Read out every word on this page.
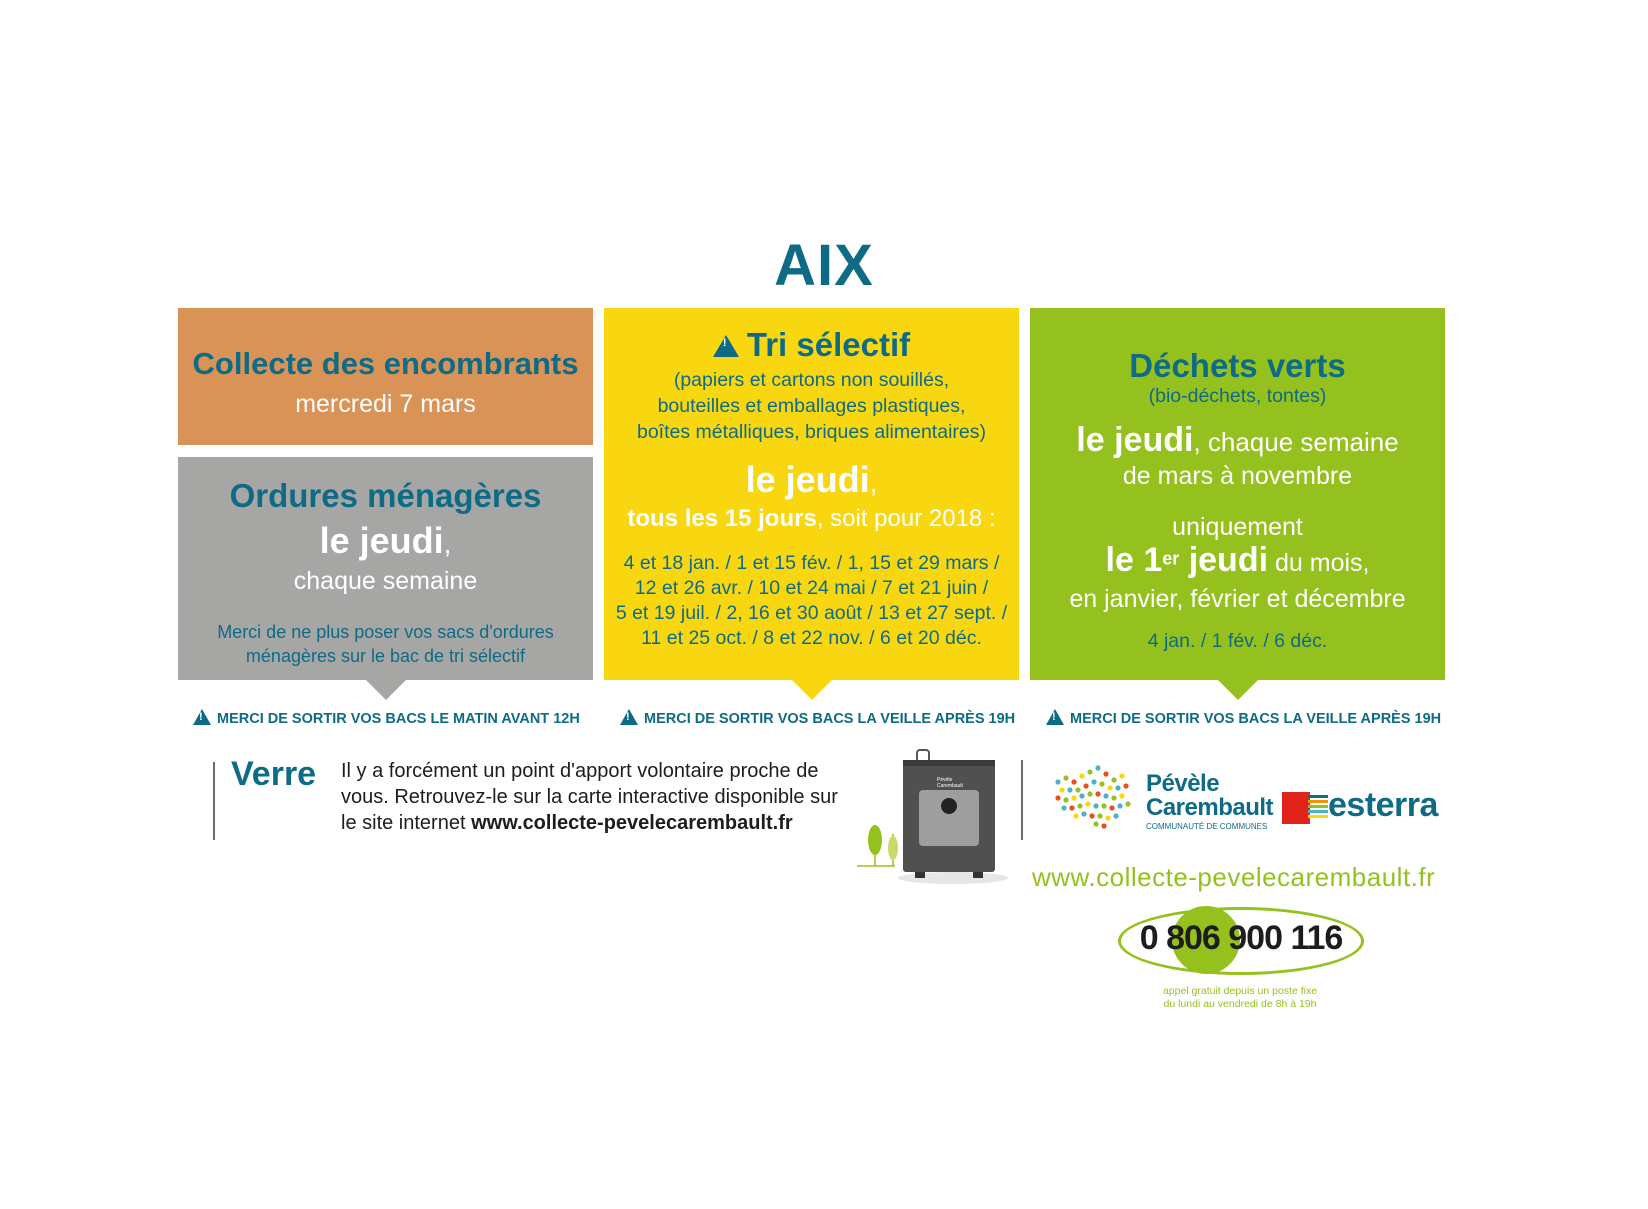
AIX
Collecte des encombrants
mercredi 7 mars
Ordures ménagères
le jeudi,
chaque semaine
Merci de ne plus poser vos sacs d'ordures
ménagères sur le bac de tri sélectif
!Tri sélectif
(papiers et cartons non souillés,
bouteilles et emballages plastiques,
boîtes métalliques, briques alimentaires)
le jeudi,
tous les 15 jours, soit pour 2018 :
4 et 18 jan. / 1 et 15 fév. / 1, 15 et 29 mars /
12 et 26 avr. / 10 et 24 mai / 7 et 21 juin /
5 et 19 juil. / 2, 16 et 30 août / 13 et 27 sept. /
11 et 25 oct. / 8 et 22 nov. / 6 et 20 déc.
Déchets verts
(bio-déchets, tontes)
le jeudi, chaque semaine
de mars à novembre
uniquement
le 1er jeudi du mois,
en janvier, février et décembre
4 jan. / 1 fév. / 6 déc.
!MERCI DE SORTIR VOS BACS LE MATIN AVANT 12H !	MERCI DE SORTIR VOS BACS LA VEILLE APRÈS 19H !	MERCI DE SORTIR VOS BACS LA VEILLE APRÈS 19H
Verre Il y a forcément un point d'apport volontaire proche de
vous. Retrouvez-le sur la carte interactive disponible sur
le site internet www.collecte-pevelecarembault.fr
Pévèle
Carembault	Pévèle
Carembault
COMMUNAUTÉ DE COMMUNES
esterra
www.collecte-pevelecarembault.fr
0 806 900 116
appel gratuit depuis un poste fixe
du lundi au vendredi de 8h à 19h
